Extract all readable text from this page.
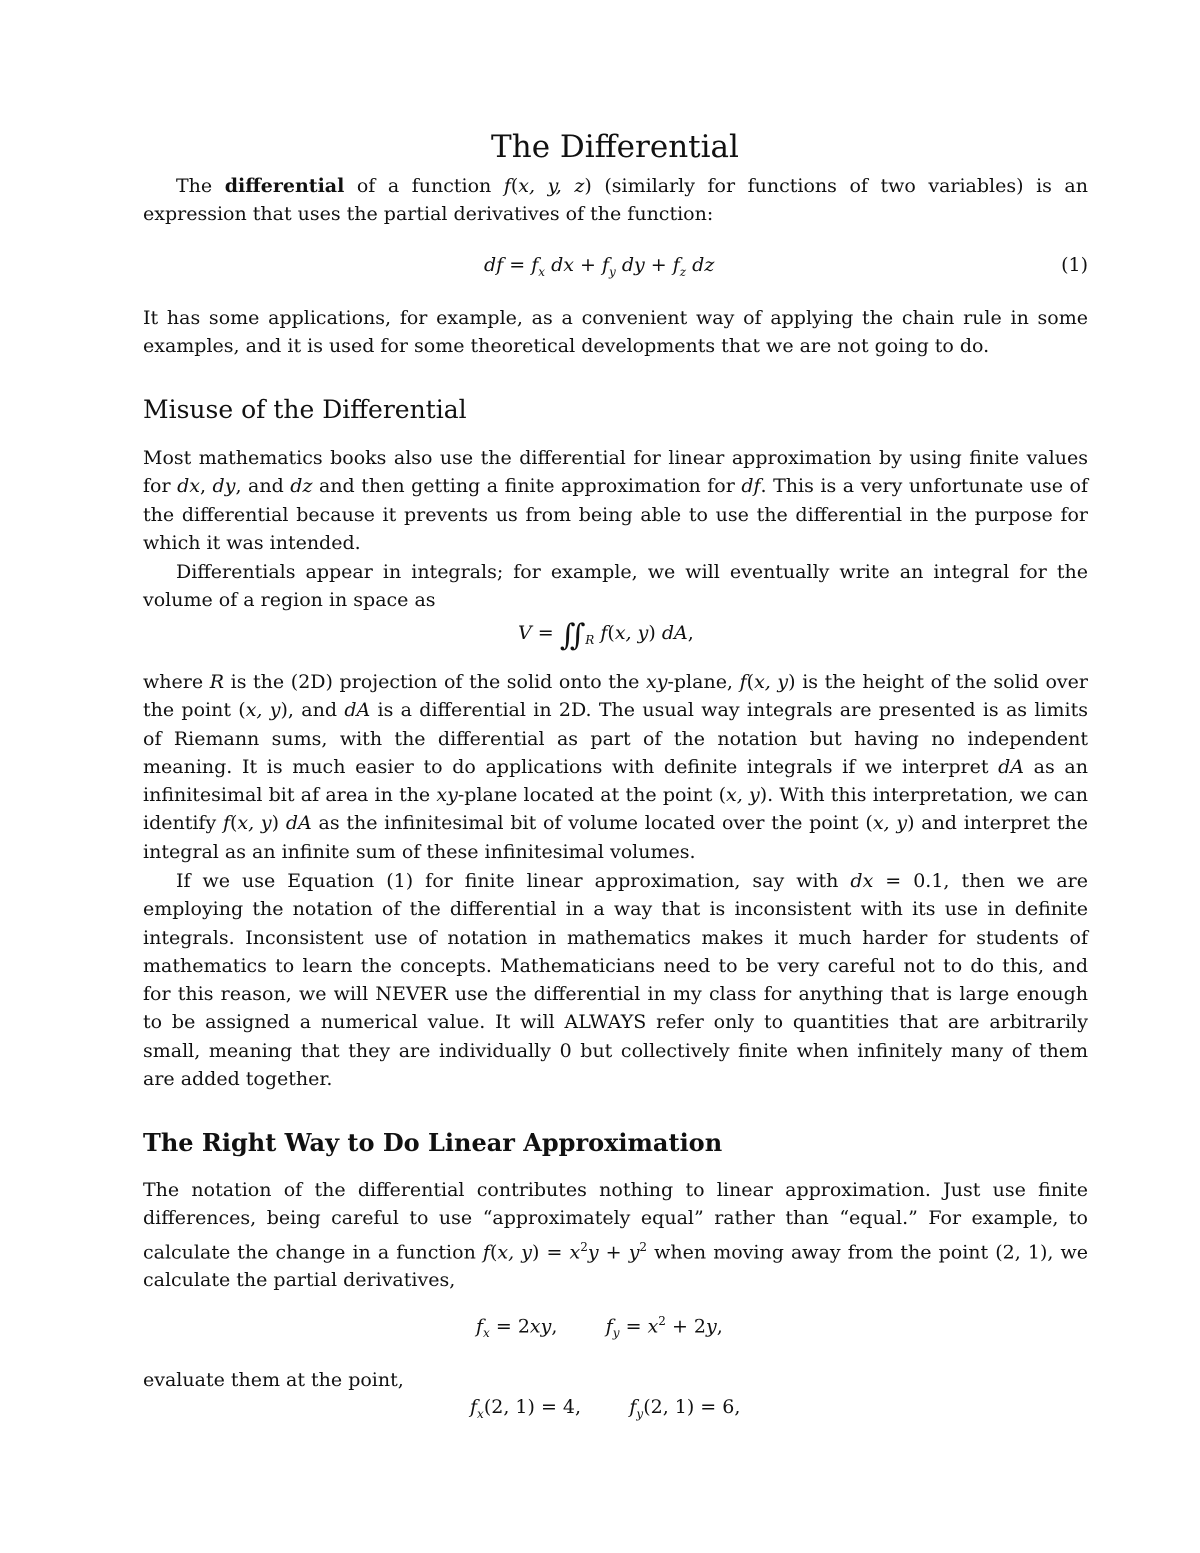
The Differential

The differential of a function f(x, y, z) (similarly for functions of two variables) is an expression that uses the partial derivatives of the function:

df = $f_x$ dx + $f_y$ dy + $f_z$ dz	(1)

It has some applications, for example, as a convenient way of applying the chain rule in some examples, and it is used for some theoretical developments that we are not going to do.

Misuse of the Differential

Most mathematics books also use the differential for linear approximation by using finite values for dx, dy, and dz and then getting a finite approximation for df. This is a very unfortunate use of the differential because it prevents us from being able to use the differential in the purpose for which it was intended.

Differentials appear in integrals; for example, we will eventually write an integral for the volume of a region in space as

$V = ∬_R$ f(x, y) dA,

where R is the (2D) projection of the solid onto the xy-plane, f(x, y) is the height of the solid over the point (x, y), and dA is a differential in 2D. The usual way integrals are presented is as limits of Riemann sums, with the differential as part of the notation but having no independent meaning. It is much easier to do applications with definite integrals if we interpret dA as an infinitesimal bit af area in the xy-plane located at the point (x, y). With this interpretation, we can identify f(x, y) dA as the infinitesimal bit of volume located over the point (x, y) and interpret the integral as an infinite sum of these infinitesimal volumes.

If we use Equation (1) for finite linear approximation, say with dx = 0.1, then we are employing the notation of the differential in a way that is inconsistent with its use in definite integrals. Inconsistent use of notation in mathematics makes it much harder for students of mathematics to learn the concepts. Mathematicians need to be very careful not to do this, and for this reason, we will NEVER use the differential in my class for anything that is large enough to be assigned a numerical value. It will ALWAYS refer only to quantities that are arbitrarily small, meaning that they are individually 0 but collectively finite when infinitely many of them are added together.

The Right Way to Do Linear Approximation

The notation of the differential contributes nothing to linear approximation. Just use finite differences, being careful to use “approximately equal” rather than “equal.” For example, to calculate the change in a function f(x, $y) = x^2y + y^2$ when moving away from the point (2, 1), we calculate the partial derivatives,

$f_x = 2xy$,        $f_y = x^2 + 2y$,

evaluate them at the point,

$f_x(2$, 1) = 4,        $f_y(2$, 1) = 6,
